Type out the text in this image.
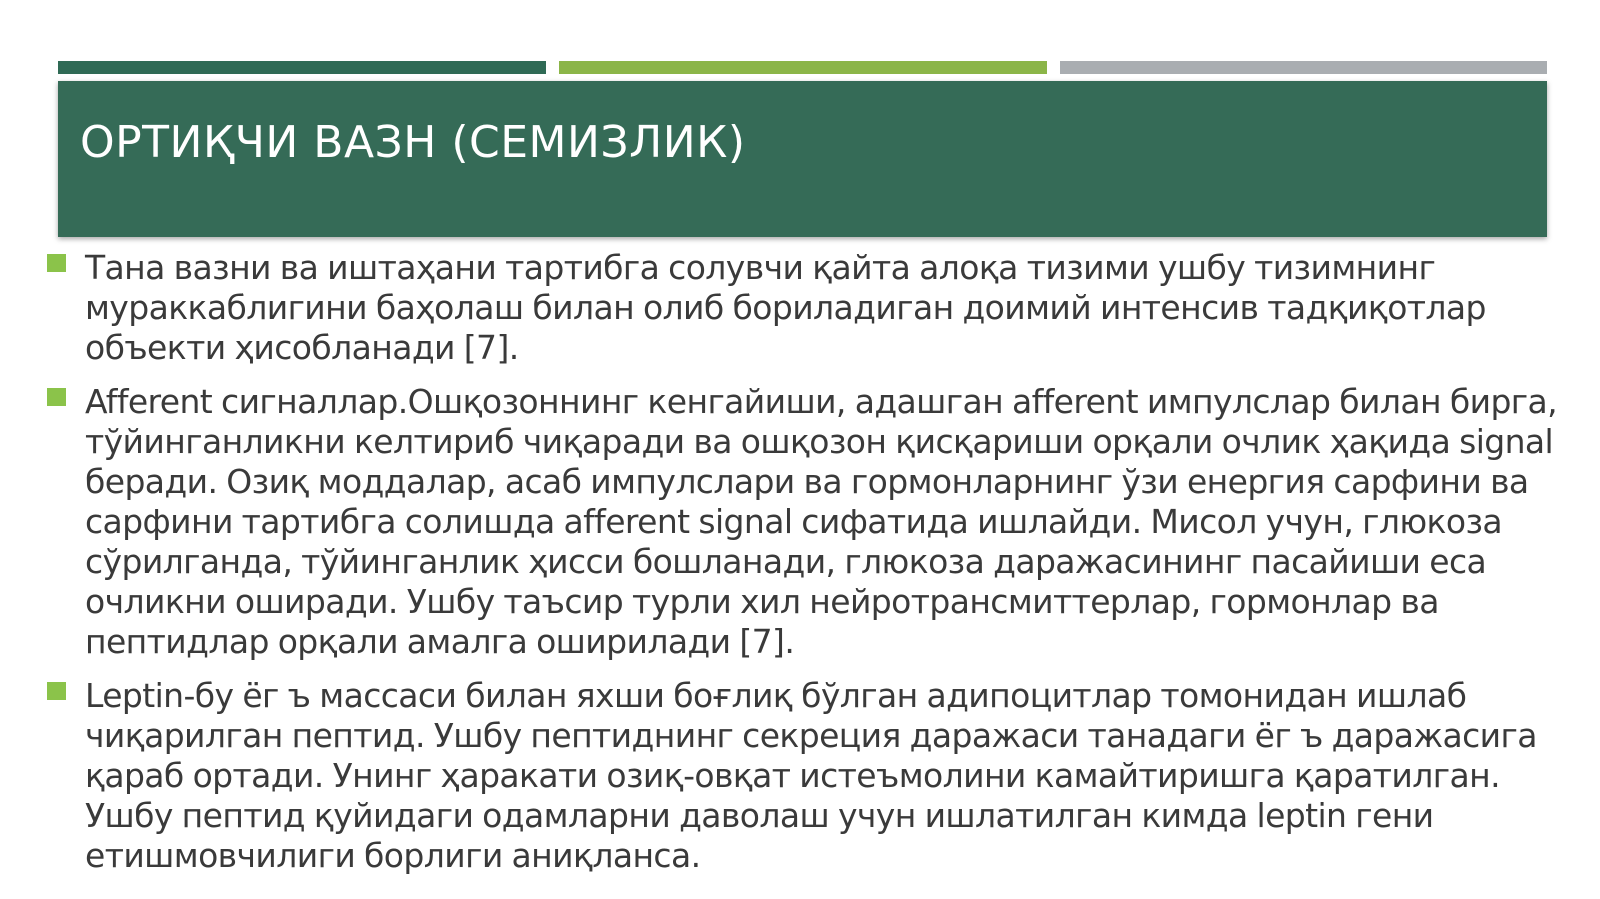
ОРТИҚЧИ ВАЗН (СЕМИЗЛИК)

Тана вазни ва иштаҳани тартибга солувчи қайта алоқа тизими ушбу тизимнинг мураккаблигини баҳолаш билан олиб бориладиган доимий интенсив тадқиқотлар объекти ҳисобланади [7].

Afferent сигналлар.Ошқозоннинг кенгайиши, адашган afferent импулслар билан бирга, тўйинганликни келтириб чиқаради ва ошқозон қисқариши орқали очлик ҳақида signal беради. Озиқ моддалар, асаб импулслари ва гормонларнинг ўзи енергия сарфини ва сарфини тартибга солишда afferent signal сифатида ишлайди. Мисол учун, глюкоза сўрилганда, тўйинганлик ҳисси бошланади, глюкоза даражасининг пасайиши еса очликни оширади. Ушбу таъсир турли хил нейротрансмиттерлар, гормонлар ва пептидлар орқали амалга оширилади [7].

Leptin-бу ёг ъ массаси билан яхши боғлиқ бўлган адипоцитлар томонидан ишлаб чиқарилган пептид. Ушбу пептиднинг секреция даражаси танадаги ёг ъ даражасига қараб ортади. Унинг ҳаракати озиқ-овқат истеъмолини камайтиришга қаратилган. Ушбу пептид қуйидаги одамларни даволаш учун ишлатилган кимда leptin гени етишмовчилиги борлиги аниқланса.
